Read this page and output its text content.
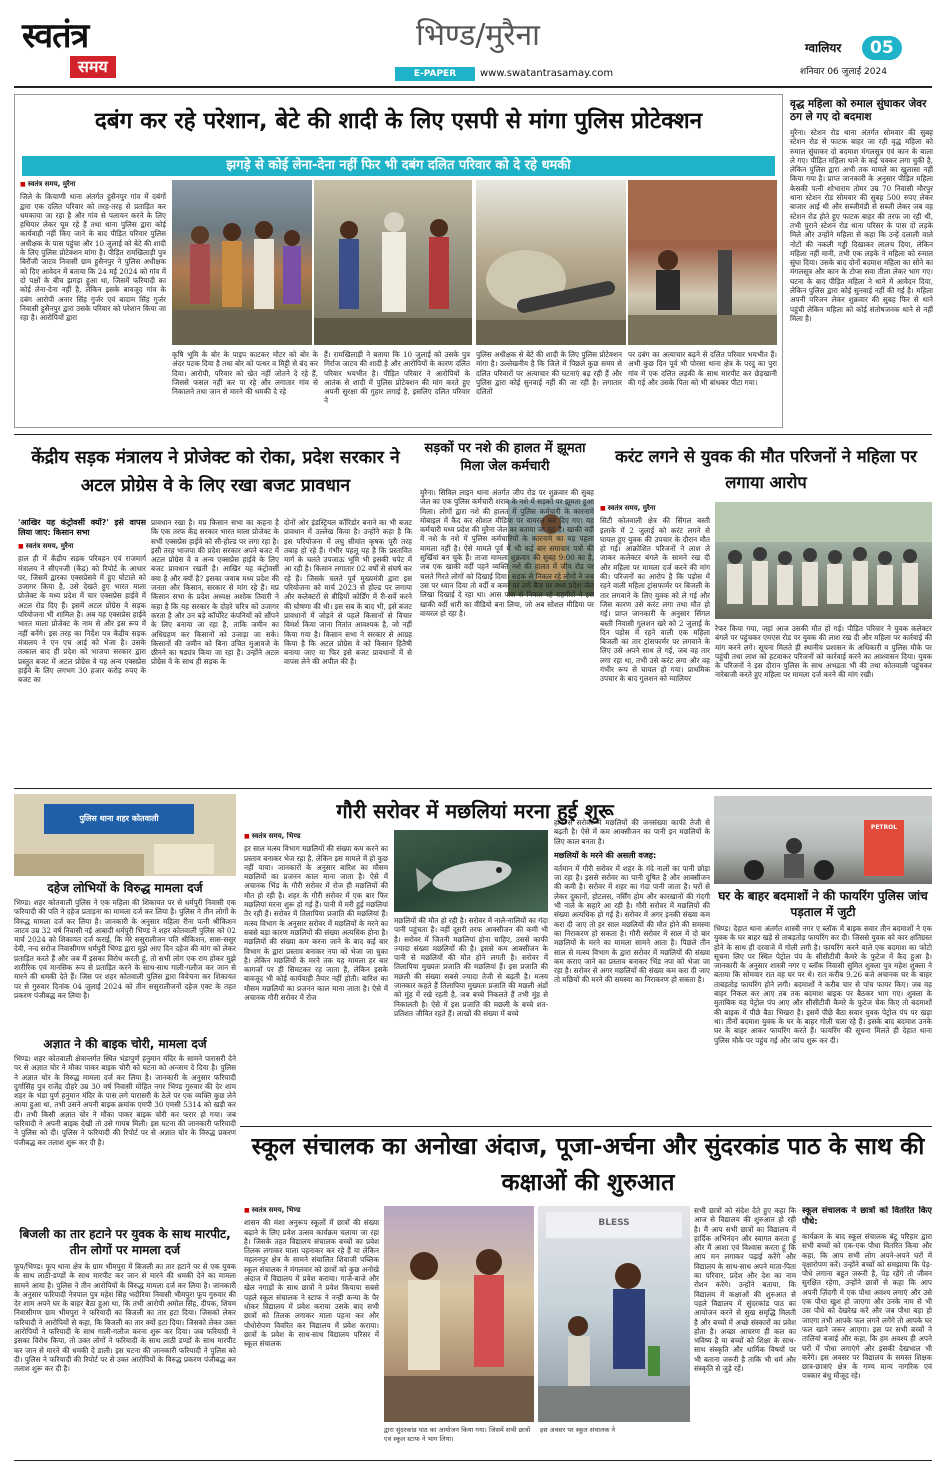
स्वतंत्र
समय
भिण्ड/मुरैना
E-PAPER	www.swatantrasamay.com
ग्वालियर	05
शनिवार 06 जुलाई 2024
दबंग कर रहे परेशान, बेटे की शादी के लिए एसपी से मांगा पुलिस प्रोटेक्शन
झगड़े से कोई लेना-देना नहीं फिर भी दबंग दलित परिवार को दे रहे धमकी
■ स्वतंत्र समय, मुरैना
जिले के किचाणी थाना अंतर्गत हुसैनपुर गांव में दबंगों द्वारा एक दलित परिवार को तरह-तरह से प्रताड़ित कर धमकाया जा रहा है और गांव से पलायन करने के लिए हथियार लेकर घूम रहे हैं तथा थाना पुलिस द्वारा कोई कार्यवाही नहीं किए जाने के बाद पीड़ित परिवार पुलिस अधीक्षक के पास पहुंचा और 10 जुलाई को बेटे की शादी के लिए पुलिस प्रोटेक्शन मांगा है। पीड़ित रामखिलाड़ी पुत्र बिरौंजी जाटव निवासी ग्राम हुसैनपुर ने पुलिस अधीक्षक को दिए आवेदन में बताया कि 24 मई 2024 को गांव में दो पक्षों के बीच झगड़ा हुआ था, जिसमें फरियादी का कोई लेना-देना नहीं है, लेकिन इसके बावजूद गांव के दबंग आरोपी अनार सिंह गुर्जर एवं बादाम सिंह गुर्जर निवासी हुसैनपुर द्वारा उसके परिवार को परेशान किया जा रहा है। आरोपियों द्वारा
कृषि भूमि के बोर के पाइप काटकर मोटर को बोर के अंदर पटक दिया है तथा बोर को पत्थर व मिट्टी से बंद कर दिया। आरोपी, परिवार को खेत नहीं जोतने दे रहे हैं, जिससे फसल नहीं कर पा रहे और लगातार गांव से निकालने तथा जान से मारने की धमकी दे रहे
हैं। रामखिलाड़ी ने बताया कि 10 जुलाई को उसके पुत्र गिर्राज जाटव की शादी है और आरोपियों के कारण दलित परिवार भयभीत है। पीड़ित परिवार ने आरोपियों के आतंक से शादी में पुलिस प्रोटेक्शन की मांग करते हुए अपनी सुरक्षा की गुहार लगाई है, इसलिए दलित परिवार ने
पुलिस अधीक्षक से बेटे की शादी के लिए पुलिस प्रोटेक्शन मांगा है। उल्लेखनीय है कि जिले में पिछले कुछ समय से दलित परिवारों पर अत्याचार की घटनाएं बढ़ रही हैं और पुलिस द्वारा कोई सुनवाई नहीं की जा रही है। लगातार दलितों
पर दबंग का अत्याचार बढ़ने से दलित परिवार भयभीत हैं। अभी कुछ दिन पूर्व भी पोरसा थाना क्षेत्र के परदु का पुरा गांव में एक दलित लड़की के साथ मारपीट कर छेड़खानी की गई और उसके पिता को भी बांधकर पीटा गया।
वृद्ध महिला को रुमाल सुंघाकर जेवर ठग ले गए दो बदमाश
मुरैना। स्टेशन रोड थाना अंतर्गत सोमवार की सुबह स्टेशन रोड से फाटक बाहर जा रही वृद्ध महिला को रुमाल सुंघाकर दो बदमाश मंगलसूत्र एवं कान के बाला ले गए। पीड़ित महिला थाने के कई चक्कर लगा चुकी है, लेकिन पुलिस द्वारा अभी तक मामले का खुलासा नहीं किया गया है। प्राप्त जानकारी के अनुसार पीड़ित महिला केसकी पत्नी शोभाराम तोमर उम्र 70 निवासी मौरपुर थाना स्टेशन रोड सोमवार की सुबह 500 रुपए लेकर बाजार आई थी और सब्जीमंडी से सब्जी लेकर जब वह स्टेशन रोड होते हुए फाटक बाहर की तरफ जा रही थी, तभी पुराने स्टेशन रोड थाना परिसर के पास दो लड़के मिले और उन्होंने महिला से कहा कि उन्हें दलाली वाले नोटों की नकली गड्डी दिखाकर लालच दिया, लेकिन महिला नहीं मानी, तभी एक लड़के ने महिला को रुमाल सुंघा दिया। उसके बाद दोनों बदमाश महिला का सोने का मंगलसूत्र और कान के टोप्स सवा तीला लेकर भाग गए। घटना के बाद पीड़ित महिला ने थाने में आवेदन दिया, लेकिन पुलिस द्वारा कोई सुनवाई नहीं की गई है। महिला अपनी परिजन लेकर शुक्रवार की सुबह फिर से थाने पहुंची लेकिन महिला को कोई संतोषजनक थाने से नहीं मिला है।
केंद्रीय सड़क मंत्रालय ने प्रोजेक्ट को रोका, प्रदेश सरकार ने अटल प्रोग्रेस वे के लिए रखा बजट प्रावधान
'आखिर यह कंट्रोवर्सी क्यों?' इसे वापस लिया जाए: किसान सभा
■ स्वतंत्र समय, मुरैना
हाल ही में केंद्रीय सड़क परिवहन एवं राजमार्ग मंत्रालय ने सीएनजी (केंद्र) को रिपोर्ट के आधार पर, जिसमें द्वारका एक्सप्रेसवे में हुए घोटाले को उजागर किया है, उसे देखते हुए भारत माला प्रोजेक्ट के मध्य प्रदेश में चार एक्सप्रेस हाईवे में अटल रोड दिए हैं। इसमें अटल प्रोग्रेस वे सड़क परियोजना भी शामिल है। अब यह एक्सप्रेस हाईवे भारत माला प्रोजेक्ट के नाम से और इस रूप में नहीं बनेंगे। इस तरह का निर्देश पत्र केंद्रीय सड़क मंत्रालय ने एन एच आई को भेजा है। उसके तत्काल बाद ही प्रदेश को भाजपा सरकार द्वारा प्रस्तुत बजट में अटल प्रोग्रेस वे यह अन्य एक्सप्रेस हाईवे के लिए लगभग 30 हजार करोड़ रुपए के बजट का
प्रावधान रखा है। मप्र किसान सभा का कहना है कि एक तरफ केंद्र सरकार भारत माला प्रोजेक्ट के सभी एक्सप्रेस हाईवे को सी-होल्ड पर लगा रहा है। इसी तरह भाजपा की प्रदेश सरकार अपने बजट में अटल प्रोग्रेस वे व अन्य एक्सप्रेस हाईवे के लिए बजट प्रावधान रखती है। आखिर यह कंट्रोवर्सी क्या है और क्यों है? इसका जवाब मध्य प्रदेश की जनता और किसान, सरकार से मांग रहे हैं। मप्र किसान सभा के प्रदेश अध्यक्ष अशोक तिवारी ने कहा है कि यह सरकार के दोहरे चरित्र को उजागर करता है और उन बड़े कॉर्पोरेट कंपनियों को सौंपने के लिए बनाया जा रहा है, ताकि जमीन का अधिग्रहण कर किसानों को उजाड़ा जा सके। किसानों की जमीन को बिना उचित मुआवजे के छीनने का षड्यंत्र किया जा रहा है। उन्होंने अटल प्रोग्रेस वे के साथ ही सड़क के
दोनों ओर इंडस्ट्रियल कॉरिडोर बनाने का भी बजट प्रावधान में उल्लेख किया है। उन्होंने कहा है कि इस परियोजना में लघु सीमांत कृषक पूरी तरह तबाह हो रहे हैं। गंभीर पहलू यह है कि प्रस्तावित मार्ग के चलते उपजाऊ भूमि भी इसकी चपेट में आ रही है। किसान लगातार 02 वर्षों से संघर्ष कर रहे हैं। जिसके चलते पूर्व मुख्यमंत्री द्वारा इस परियोजना को मार्च 2023 से होल्ड पर लगाया और कलेक्टरों से बीड़ियों कोर्डिंग में री-सर्वे करने की घोषणा की थी। इस सब के बाद भी, इसे बजट प्रावधानों में जोड़ने से पहले किसानों से विचार विमर्श किया जाना नितांत आवश्यक है, जो नहीं किया गया है। किसान सभा ने सरकार से आग्रह किया है कि अटल प्रोग्रेस वे को किसान हितैषी बनाया जाए या फिर इसे बजट प्रावधानों में से वापस लेने की अपील की है।
सड़कों पर नशे की हालत में झूमता मिला जेल कर्मचारी
मुरैना। सिविल लाइन थाना अंतर्गत जीप रोड पर शुक्रवार की सुबह जेल का एक पुलिस कर्मचारी शराब के नशे में सड़कों पर झूमता हुआ मिला। लोगों द्वारा नशे की हालत में पुलिस कर्मचारी के कारनामे मोबाइल में कैद कर सोशल मीडिया पर वायरल कर दिए गए। यह कर्मचारी मध्य प्रदेश की मुरैना जेल का बताया जा रहा है। खाकी वर्दी में नशे के नशे में पुलिस कर्मचारियों के कारनामे का यह पहला मामला नहीं है। ऐसे मामले पूर्व में भी कई बार समाचार पत्रों की सुर्खियां बन चुके हैं। ताजा मामला शुक्रवार की सुबह 9:00 का है, जब एक खाकी वर्दी पहने व्यक्ति नशे की हालत में जीप रोड पर चलते गिरते लोगों को दिखाई दिया। सड़क से निकल रहे लोगों ने जब उस पर ध्यान दिया तो वर्दी व कमर पर लगे बैज पर मध्य प्रदेश जेल लिखा दिखाई दे रहा था। आस पास से निकल रहे राहगीरों ने इस खाकी वर्दी धारी का वीडियो बना लिया, जो अब सोशल मीडिया पर वायरल हो रहा है।
करंट लगने से युवक की मौत परिजनों ने महिला पर लगाया आरोप
■ स्वतंत्र समय, मुरैना
सिटी कोतवाली क्षेत्र की सिंगल बस्ती इलाके में 2 जुलाई को करंट लगने से घायल हुए युवक की उपचार के दौरान मौत हो गई। आक्रोशित परिजनों ने लाश ले जाकर कलेक्टर बंगले के सामने रख दी और महिला पर मामला दर्ज करने की मांग की। परिजनों का आरोप है कि पड़ोस में रहने वाली महिला ट्रांसफार्मर पर बिजली के तार लगवाने के लिए युवक को ले गई और जिस कारण उसे करंट लगा तथा मौत हो गई। प्राप्त जानकारी के अनुसार सिंगल बस्ती निवासी गुलशन खरे को 2 जुलाई के दिन पड़ोस में रहने वाली एक महिला बिजली का तार ट्रांसफार्मर पर लगवाने के लिए उसे अपने साथ ले गई, जब वह तार लगा रहा था, तभी उसे करंट लगा और वह गंभीर रूप से घायल हो गया। प्राथमिक उपचार के बाद गुलशन को ग्वालियर
रेफर किया गया, जहां आज उसकी मौत हो गई। पीड़ित परिवार ने युवक कलेक्टर बंगले पर पहुंचकर एमएस रोड पर युवक की लाश रख दी और महिला पर कार्रवाई की मांग करने लगे। सूचना मिलते ही स्थानीय प्रशासन के अधिकारी व पुलिस मौके पर पहुंची तथा लाश को हटवाकर परिजनों को कार्रवाई करने का आश्वासन दिया। युवक के परिजनों ने इस दौरान पुलिस के साथ अभद्रता भी की तथा कोतवाली पहुंचकर नारेबाजी करते हुए महिला पर मामला दर्ज करने की मांग रखी।
पुलिस थाना शहर कोतवाली
दहेज लोभियों के विरुद्ध मामला दर्ज
भिण्ड। शहर कोतवाली पुलिस ने एक महिला की शिकायत पर से धर्मपुरी निवासी एक फरियादी की पति ने दहेज प्रताड़ना का मामला दर्ज कर लिया है। पुलिस ने तीन लोगों के विरुद्ध मामला दर्ज कर लिया है। जानकारी के अनुसार महिला रीना पत्नी श्रीकिशन जाटव उम्र 32 वर्ष निवासी नई आबादी धर्मपुरी भिण्ड ने शहर कोतवाली पुलिस को 02 मार्च 2024 को शिकायत दर्ज कराई, कि मेरे ससुरालीजन पति श्रीकिशन, सास-ससुर देवी, नन्द सरोज निवासीगण धर्मपुरी भिण्ड द्वारा मुझे आए दिन दहेज की मांग को लेकर प्रताड़ित करते हैं और जब मैं इसका विरोध करती हूं, तो सभी लोग एक राय होकर मुझे शारीरिक एवं मानसिक रूप से प्रताड़ित करने के साथ-साथ गाली-गलौज कर जान से मारने की धमकी देते हैं। जिस पर शहर कोतवाली पुलिस द्वारा विवेचना कर शिकायत पर से गुरुवार दिनांक 04 जुलाई 2024 को तीन ससुरालीजनों दहेज एक्ट के तहत प्रकरण पंजीबद्ध कर लिया है।
अज्ञात ने की बाइक चोरी, मामला दर्ज
भिण्ड। शहर कोतवाली क्षेत्रान्तर्गत स्थित भंडापुर्ण हनुमान मंदिर के सामने पारासरी देने पर से अज्ञात चोर ने मौका पाकर बाइक चोरी को घटना को अन्जाम दे दिया है। पुलिस ने अज्ञात चोर के विरुद्ध मामला दर्ज कर लिया है। जानकारी के अनुसार फरियादी दुर्गासिंह पुत्र राजेंद्र दौहरे उम्र 30 वर्ष निवासी मोहित नगर भिण्ड गुरुवार की देर शाम शहर के भंडा पुर्ण हनुमान मंदिर के पास लगे पारासरी के ठेले पर एक व्यक्ति कुछ लेने आया हुआ था, तभी उसने अपनी बाइक क्रमांक एमपी 30 एमसी 5314 को खड़ी कर दी। तभी किसी अज्ञात चोर ने मौका पाकर बाइक चोरी कर फरार हो गया। जब फरियादी ने अपनी बाइक देखी तो उसे गायब मिली। इस घटना की जानकारी फरियादी ने पुलिस को दी। पुलिस ने फरियादी की रिपोर्ट पर से अज्ञात चोर के विरुद्ध प्रकरण पंजीबद्ध कर तलाश शुरू कर दी है।
बिजली का तार हटाने पर युवक के साथ मारपीट, तीन लोगों पर मामला दर्ज
फूप/भिण्ड। फूप थाना क्षेत्र के ग्राम भीमपुरा में बिजली का तार हटाने पर से एक युवक के साथ लाठी-डण्डों के साथ मारपीट कर जान से मारने की धमकी देने का मामला सामने आया है। पुलिस ने तीन आरोपियों के विरुद्ध मामला दर्ज कर लिया है। जानकारी के अनुसार फरियादी नेत्रपाल पुत्र महेश सिंह भदौरिया निवासी भीमपुरा फूप गुरुवार की देर शाम अपने घर के बाहर बैठा हुआ था, कि तभी आरोपी अमोल सिंह, दीपक, शिवम निवासीगण ग्राम भीमपुरा ने फरियादी का बिजली का तार हटा दिया। जिसको लेकर फरियादी ने आरोपियों से कहा, कि बिजली का तार क्यों हटा दिया। जिसको लेकर उक्त आरोपियों ने फरियादी के साथ गाली-गलौज करना शुरू कर दिया। जब फरियादी ने इसका विरोध किया, तो उक्त लोगों ने फरियादी के साथ लाठी डण्डों के साथ मारपीट कर जान से मारने की धमकी दे डाली। इस घटना की जानकारी फरियादी ने पुलिस को दी। पुलिस ने फरियादी की रिपोर्ट पर से उक्त आरोपियों के विरुद्ध प्रकरण पंजीबद्ध कर तलाश शुरू कर दी है।
गौरी सरोवर में मछलियां मरना हुई शुरू
■ स्वतंत्र समय, भिण्ड
हर साल मत्स्य विभाग मछलियों की संख्या कम करने का प्रस्ताव बनाकर भेज रहा है, लेकिन इस मामले में हो कुछ नहीं पाया। जानकारों के अनुसार बारिश का मौसम मछलियों का प्रजनन काल माना जाता है। ऐसे में अचानक भिंड के गौरी सरोवर में रोज ही मछलियों की मौत हो रही है। शहर के गौरी सरोवर में एक बार फिर मछलियां मरना शुरू हो गई हैं। पानी में मरी हुई मछलियां तैर रही हैं। सरोवर में तिलापिया प्रजाति की मछलियां हैं। मत्स्य विभाग के अनुसार सरोवर में मछलियों के मरने का सबसे बड़ा कारण मछलियों की संख्या अत्यधिक होना है। मछलियों की संख्या कम करना जाने के बाद कई बार विभाग के द्वारा प्रस्ताव बनाकर नपा को भेजा जा चुका है। लेकिन मछलियों के मरने तक यह मामला हर बार कागजों पर ही सिमटकर रह जाता है, लेकिन इसके बावजूद भी कोई कार्यवाही तैयार नहीं होती। बारिश का मौसम मछलियों का प्रजनन काल माना जाता है। ऐसे में अचानक गौरी सरोवर में रोज
मछलियों की मौत हो रही है। सरोवर में नाले-नालियों का गंदा पानी पहुंचता है। वहीं दूसरी तरफ आक्सीजन की कमी भी है। सरोवर में जितनी मछलियां होना चाहिए, उससे काफी ज्यादा संख्या मछलियों की है। इससे कम आक्सीजन के पानी से मछलियों की मौत होने लगती है। सरोवर में तिलापिया मुख्यतः प्रजाति की मछलियां हैं। इस प्रजाति की मछली की संख्या सबसे ज्यादा तेजी से बढ़ती है। मत्स्य जानकार कहते हैं तिलापिया मुख्यतः प्रजाति की मछली अंडों को मुंह में रखे रहती है, जब बच्चे निकलते हैं तभी मुंह से निकालती है। ऐसे में इस प्रजाति की मछली के बच्चे शत-प्रतिशत जीवित रहते हैं। लाखों की संख्या में बच्चे
होने से सरोवर में मछलियों की जनसंख्या काफी तेजी से बढ़ती है। ऐसे में कम आक्सीजन का पानी इन मछलियों के लिए काल बनता है।
मछलियों के मरने की असली वजह:
वर्तमान में गौरी सरोवर में शहर के गंदे नालों का पानी छोड़ा जा रहा है। इससे सरोवर का पानी दूषित है और आक्सीजन की कमी है। सरोवर में शहर का गंदा पानी जाता है। घरों से लेकर दुकानों, होटलस, नर्सिंग होम और कारखानों की गंदगी भी नाले के सहारे आ रही है। गौरी सरोवर में मछलियों की संख्या अत्यधिक हो गई है। सरोवर में अगर इनकी संख्या कम करा दी जाए तो हर साल मछलियों की मौत होने की समस्या का निराकरण हो सकता है। गौरी सरोवर में साल में दो बार मछलियों के मरने का मामला सामने आता है। पिछले तीन साल से मत्स्य विभाग के द्वारा सरोवर में मछलियों की संख्या कम कराए जाने का प्रस्ताव बनाकर भिंड नपा को भेजा जा रहा है। सरोवर से अगर मछलियों की संख्या कम करा दी जाए तो मछियों की मरने की समस्या का निराकरण हो सकता है।
PETROL
घर के बाहर बदमाशों ने की फायरिंग पुलिस जांच पड़ताल में जुटी
भिण्ड। देहात थाना अंतर्गत शास्त्री नगर ए ब्लॉक में बाइक सवार तीन बदमाशों ने एक युवक के घर बाहर खड़े से ताबड़तोड़ फायरिंग कर दी। जिससे युवक को कार क्षतिग्रस्त होने के साथ ही दरवाजे में गोली लगी है। फायरिंग करने वाले एक बदमाश का फोटो सूचना लिए पर स्थित पेट्रोल पंप के सीसीटीवी कैमरे के फुटेज में कैद हुआ है। जानकारी के अनुसार शास्त्री नगर ए ब्लॉक निवासी सुमित शुक्ला पुत्र महेश शुक्ला ने बताया कि सोमवार रात वह घर पर थे। रात करीब 9.26 बजे अचानक घर के बाहर ताबड़तोड़ फायरिंग होने लगी। बदमाशों ने करीब चार से पांच फायर किए। जब वह बाहर निकल कर आए तब तक बदमाश बाइक पर बैठकर भाग गए। शुक्ला के मुताबिक यह पेट्रोल पंप आए और सीसीटीवी कैमरे के फुटेज चेक किए तो बदमाशों की बाइक में पीछे बैठा भिखरा है। इसमें पीछे बैठा सवार युवक पेट्रोल पंप पर खड़ा था। तीनों बदमाश युवक के घर के बाहर गोली चला रहे हैं। इसके बाद बदमाश उनके घर के बाहर आकर फायरिंग करते हैं। फायरिंग की सूचना मिलते ही देहात थाना पुलिस मौके पर पहुंच गई और जांच शुरू कर दी।
स्कूल संचालक का अनोखा अंदाज, पूजा-अर्चना और सुंदरकांड पाठ के साथ की कक्षाओं की शुरुआत
■ स्वतंत्र समय, भिण्ड
शासन की मंशा अनुरूप स्कूलों में छात्रों की संख्या बढ़ाने के लिए प्रवेश उत्सव कार्यक्रम चलाया जा रहा है। जिसके तहत विद्यालय संचालक बच्चों का प्रवेश तिलक लगाकर माला पहनाकर कर रहे हैं या लेकिन महलनपुर क्षेत्र के सामने संचालित शिवाजी पब्लिक स्कूल संचालक ने मंगलवार को छात्रों को कुछ अनोखे अंदाज में विद्यालय में प्रवेश कराया। गाजे-बाजे और खेल नगाड़ों के साथ छात्रों ने प्रवेश कियाया सबसे पहले स्कूल संचालक ने स्टाफ ने नन्ही कन्या के पैर धोकर विद्यालय में प्रवेश कराया उसके बाद सभी छात्रों को तिलक लगाकर माला पहना कर और पौधोरोपण विवरित कर विद्यालय में प्रवेश कराया। छात्रों के प्रवेश के साथ-साथ विद्यालय परिसर में स्कूल संचालक
BLESS
द्वारा सुंदरकांड पाठ का आयोजन किया गया। जिसमें सभी छात्रों एवं स्कूल स्टाफ ने भाग लिया।
इस अवसर पर स्कूल संचालक ने
सभी छात्रों को संदेश देते हुए कहा कि आज से विद्यालय की शुरुआत हो रही है। मैं आप सभी छात्रों का विद्यालय में हार्दिक अभिनंदन और स्वागत करता हूं और मैं आशा एवं विश्वास करता हूं कि आप मन लगाकर पढ़ाई करेंगे और विद्यालय के साथ-साथ अपने माता-पिता का परिवार, प्रदेश और देश का नाम रोशन करेंगे। उन्होंने बताया, कि विद्यालय में कक्षाओं की शुरुआत से पहले विद्यालय में सुंदरकांड पाठ का आयोजन करने से सुख समृद्धि मिलती है और बच्चों में अच्छे संस्कारों का प्रवेश होता है। अच्छा आचरण ही कल का भविष्य है या बच्चों को शिक्षा के साथ-साथ संस्कृति और धार्मिक विषयों पर भी बताना जरूरी है ताकि भी धर्म और संस्कृति से जुड़े रहें।
स्कूल संचालक ने छात्रों को वितरित किए पौधे:
कार्यक्रम के बाद स्कूल संचालक बंटू परिहार द्वारा सभी बच्चों को एक-एक पौधा वितरित किया और कहा, कि आप सभी लोग अपने-अपने घरों में वृक्षारोपण करें। उन्होंने बच्चों को समझाया कि पेड़-पौधे लगाना बहुत जरूरी है, पेड़ रहेंगे तो जीवन सुरक्षित रहेगा, उन्होंने छात्रों से कहा कि आप अपनी ज़िंदगी में एक पौधा अवश्य लगाएं और उसे एक पौधा खुश हो जाएगा और उनके नाम से भी उस पौधे को देखरेख करें और जब पौधा बड़ा हो जाएगा तभी आपके फल लगने लगेंगे तो आपके घर फल खाने जरूर आएगा। इस पर सभी बच्चों ने तालियां बजाई और कहा, कि हम अवश्य ही अपने घरों में पौधा लगाएंगे और इसकी देखभाल भी करेंगे। इस अवसर पर विद्यालय के समस्त शिक्षक छात्र-छात्राएं क्षेत्र के गण्य मान्य नागरिक एवं पत्रकार बंधु मौजूद रहे।
